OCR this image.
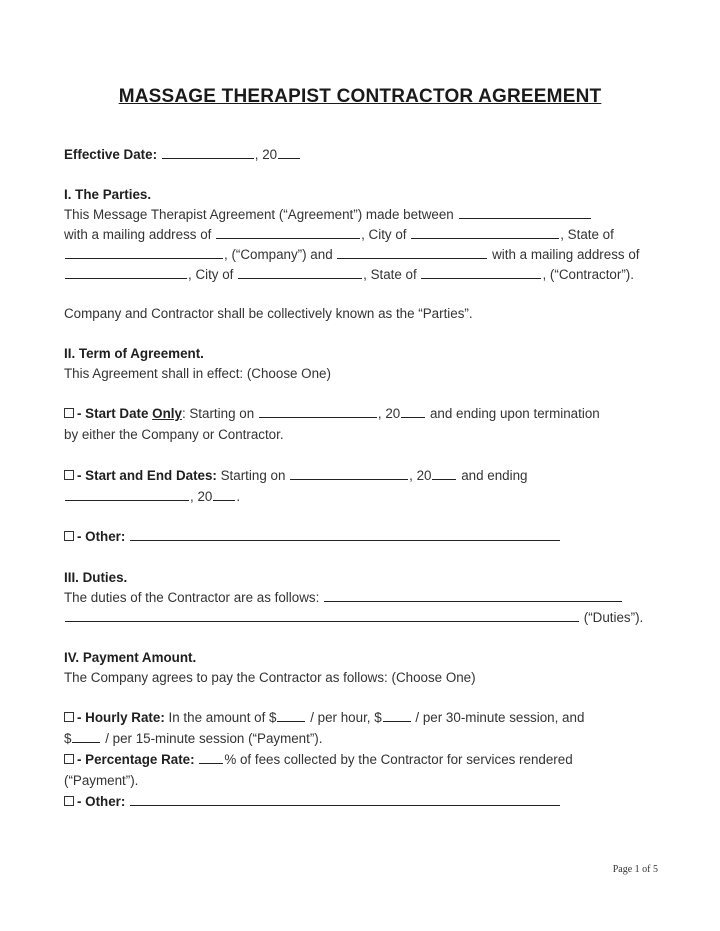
MASSAGE THERAPIST CONTRACTOR AGREEMENT
Effective Date:	, 20
I. The Parties.
This Message Therapist Agreement (“Agreement”) made between
with a mailing address of	, City of	, State of
, (“Company”) and	with a mailing address of
, City of	, State of	, (“Contractor”).
Company and Contractor shall be collectively known as the “Parties”.
II. Term of Agreement.
This Agreement shall in effect: (Choose One)
- Start Date Only: Starting on	, 20 and ending upon termination
by either the Company or Contractor.
- Start and End Dates: Starting on	, 20 and ending
, 20 .
- Other:
III. Duties.
The duties of the Contractor are as follows:
(“Duties”).
IV. Payment Amount.
The Company agrees to pay the Contractor as follows: (Choose One)
- Hourly Rate: In the amount of $	/ per hour, $	/ per 30-minute session, and
$	/ per 15-minute session (“Payment”).
- Percentage Rate: % of fees collected by the Contractor for services rendered
(“Payment”).
- Other:
Page 1 of 5
